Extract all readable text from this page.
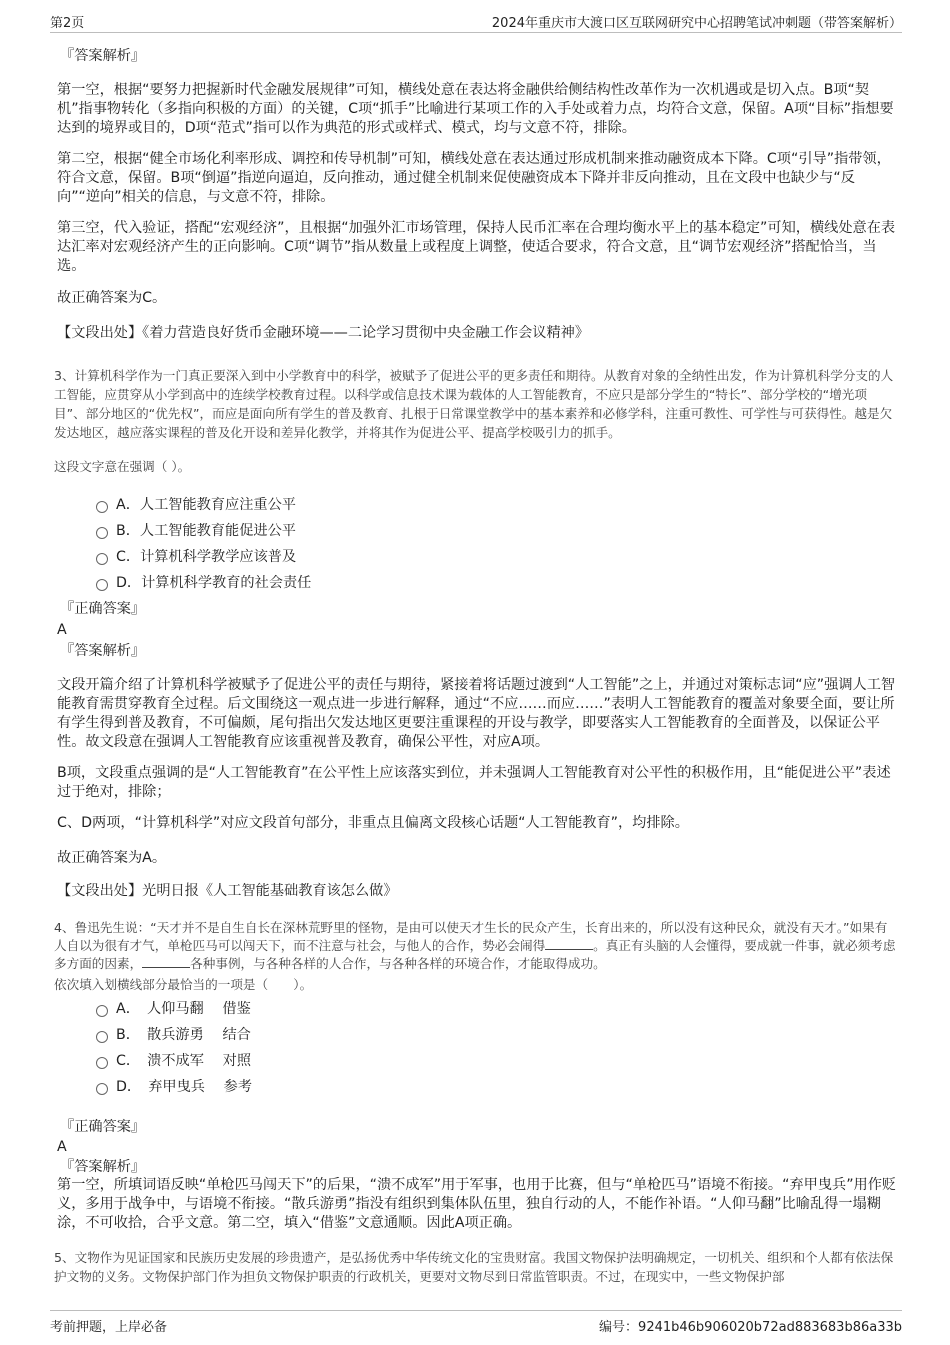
第2页	2024年重庆市大渡口区互联网研究中心招聘笔试冲刺题（带答案解析）
『答案解析』
第一空，根据“要努力把握新时代金融发展规律”可知，横线处意在表达将金融供给侧结构性改革作为一次机遇或是切入点。B项“契机”指事物转化（多指向积极的方面）的关键，C项“抓手”比喻进行某项工作的入手处或着力点，均符合文意，保留。A项“目标”指想要达到的境界或目的，D项“范式”指可以作为典范的形式或样式、模式，均与文意不符，排除。
第二空，根据“健全市场化利率形成、调控和传导机制”可知，横线处意在表达通过形成机制来推动融资成本下降。C项“引导”指带领，符合文意，保留。B项“倒逼”指逆向逼迫，反向推动，通过健全机制来促使融资成本下降并非反向推动，且在文段中也缺少与“反向”“逆向”相关的信息，与文意不符，排除。
第三空，代入验证，搭配“宏观经济”，且根据“加强外汇市场管理，保持人民币汇率在合理均衡水平上的基本稳定”可知，横线处意在表达汇率对宏观经济产生的正向影响。C项“调节”指从数量上或程度上调整，使适合要求，符合文意，且“调节宏观经济”搭配恰当，当选。
故正确答案为C。
【文段出处】《着力营造良好货币金融环境——二论学习贯彻中央金融工作会议精神》
3、计算机科学作为一门真正要深入到中小学教育中的科学，被赋予了促进公平的更多责任和期待。从教育对象的全纳性出发，作为计算机科学分支的人工智能，应贯穿从小学到高中的连续学校教育过程。以科学或信息技术课为载体的人工智能教育，不应只是部分学生的“特长”、部分学校的“增光项目”、部分地区的“优先权”，而应是面向所有学生的普及教育、扎根于日常课堂教学中的基本素养和必修学科，注重可教性、可学性与可获得性。越是欠发达地区，越应落实课程的普及化开设和差异化教学，并将其作为促进公平、提高学校吸引力的抓手。
这段文字意在强调（ ）。
A．人工智能教育应注重公平
B．人工智能教育能促进公平
C．计算机科学教学应该普及
D．计算机科学教育的社会责任
『正确答案』
A
『答案解析』
文段开篇介绍了计算机科学被赋予了促进公平的责任与期待，紧接着将话题过渡到“人工智能”之上，并通过对策标志词“应”强调人工智能教育需贯穿教育全过程。后文围绕这一观点进一步进行解释，通过“不应……而应……”表明人工智能教育的覆盖对象要全面，要让所有学生得到普及教育，不可偏颇，尾句指出欠发达地区更要注重课程的开设与教学，即要落实人工智能教育的全面普及，以保证公平性。故文段意在强调人工智能教育应该重视普及教育，确保公平性，对应A项。
B项，文段重点强调的是“人工智能教育”在公平性上应该落实到位，并未强调人工智能教育对公平性的积极作用，且“能促进公平”表述过于绝对，排除；
C、D两项，“计算机科学”对应文段首句部分，非重点且偏离文段核心话题“人工智能教育”，均排除。
故正确答案为A。
【文段出处】光明日报《人工智能基础教育该怎么做》
4、鲁迅先生说：“天才并不是自生自长在深林荒野里的怪物，是由可以使天才生长的民众产生，长育出来的，所以没有这种民众，就没有天才。”如果有人自以为很有才气，单枪匹马可以闯天下，而不注意与社会，与他人的合作，势必会闹得	。真正有头脑的人会懂得，要成就一件事，就必须考虑多方面的因素，	各种事例，与各种各样的人合作，与各种各样的环境合作，才能取得成功。
依次填入划横线部分最恰当的一项是（　　）。
A．　人仰马翻　 借鉴
B．　散兵游勇　 结合
C．　溃不成军　 对照
D．　弃甲曳兵　 参考
『正确答案』
A
『答案解析』
第一空，所填词语反映“单枪匹马闯天下”的后果，“溃不成军”用于军事，也用于比赛，但与“单枪匹马”语境不衔接。“弃甲曳兵”用作贬义，多用于战争中，与语境不衔接。“散兵游勇”指没有组织到集体队伍里，独自行动的人，不能作补语。“人仰马翻”比喻乱得一塌糊涂，不可收拾，合乎文意。第二空，填入“借鉴”文意通顺。因此A项正确。
5、文物作为见证国家和民族历史发展的珍贵遗产，是弘扬优秀中华传统文化的宝贵财富。我国文物保护法明确规定，一切机关、组织和个人都有依法保护文物的义务。文物保护部门作为担负文物保护职责的行政机关，更要对文物尽到日常监管职责。不过，在现实中，一些文物保护部
考前押题，上岸必备	编号：9241b46b906020b72ad883683b86a33b
